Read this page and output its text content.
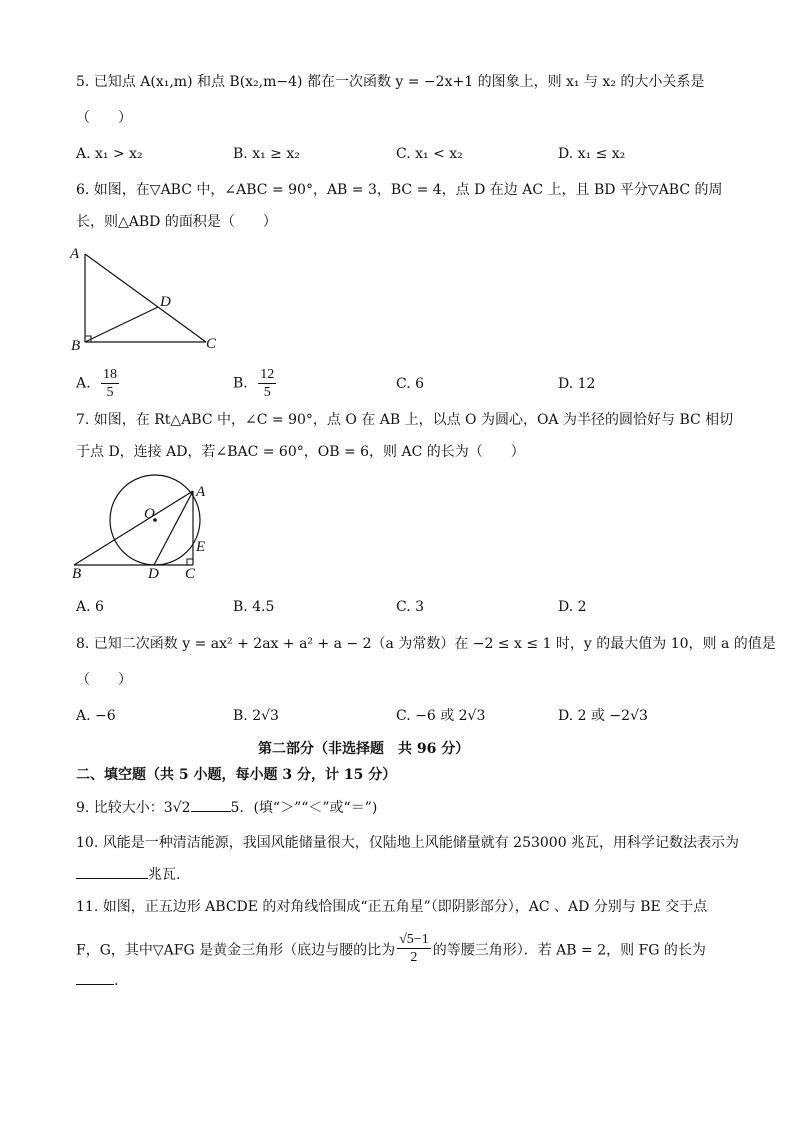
5. 已知点 A(x₁,m) 和点 B(x₂,m−4) 都在一次函数 y = −2x+1 的图象上，则 x₁ 与 x₂ 的大小关系是
（　　）
A. x₁ > x₂	B. x₁ ≥ x₂	C. x₁ < x₂	D. x₁ ≤ x₂
6. 如图，在▽ABC 中，∠ABC = 90°，AB = 3，BC = 4，点 D 在边 AC 上，且 BD 平分▽ABC 的周
长，则△ABD 的面积是（　　）
A
D
B	C
A. $\frac{18}{5}$	B. $\frac{12}{5}$	C. 6	D. 12
7. 如图，在 Rt△ABC 中，∠C = 90°，点 O 在 AB 上，以点 O 为圆心，OA 为半径的圆恰好与 BC 相切
于点 D，连接 AD，若∠BAC = 60°，OB = 6，则 AC 的长为（　　）
O
A
E
B	D C
A. 6	B. 4.5	C. 3	D. 2
8. 已知二次函数 y = ax² + 2ax + a² + a − 2（a 为常数）在 −2 ≤ x ≤ 1 时，y 的最大值为 10，则 a 的值是
（　　）
A. −6	B. 2√3	C. −6 或 2√3	D. 2 或 −2√3
第二部分（非选择题　共 96 分）
二、填空题（共 5 小题，每小题 3 分，计 15 分）
9. 比较大小：3√2	5．(填“＞”“＜”或“＝”)
10. 风能是一种清洁能源，我国风能储量很大，仅陆地上风能储量就有 253000 兆瓦，用科学记数法表示为
兆瓦.
11. 如图，正五边形 ABCDE 的对角线恰围成“正五角星”（即阴影部分），AC 、AD 分别与 BE 交于点
F，G，其中▽AFG 是黄金三角形（底边与腰的比为 $\frac{√5-1}{2}$ 的等腰三角形）．若 AB = 2，则 FG 的长为
.
